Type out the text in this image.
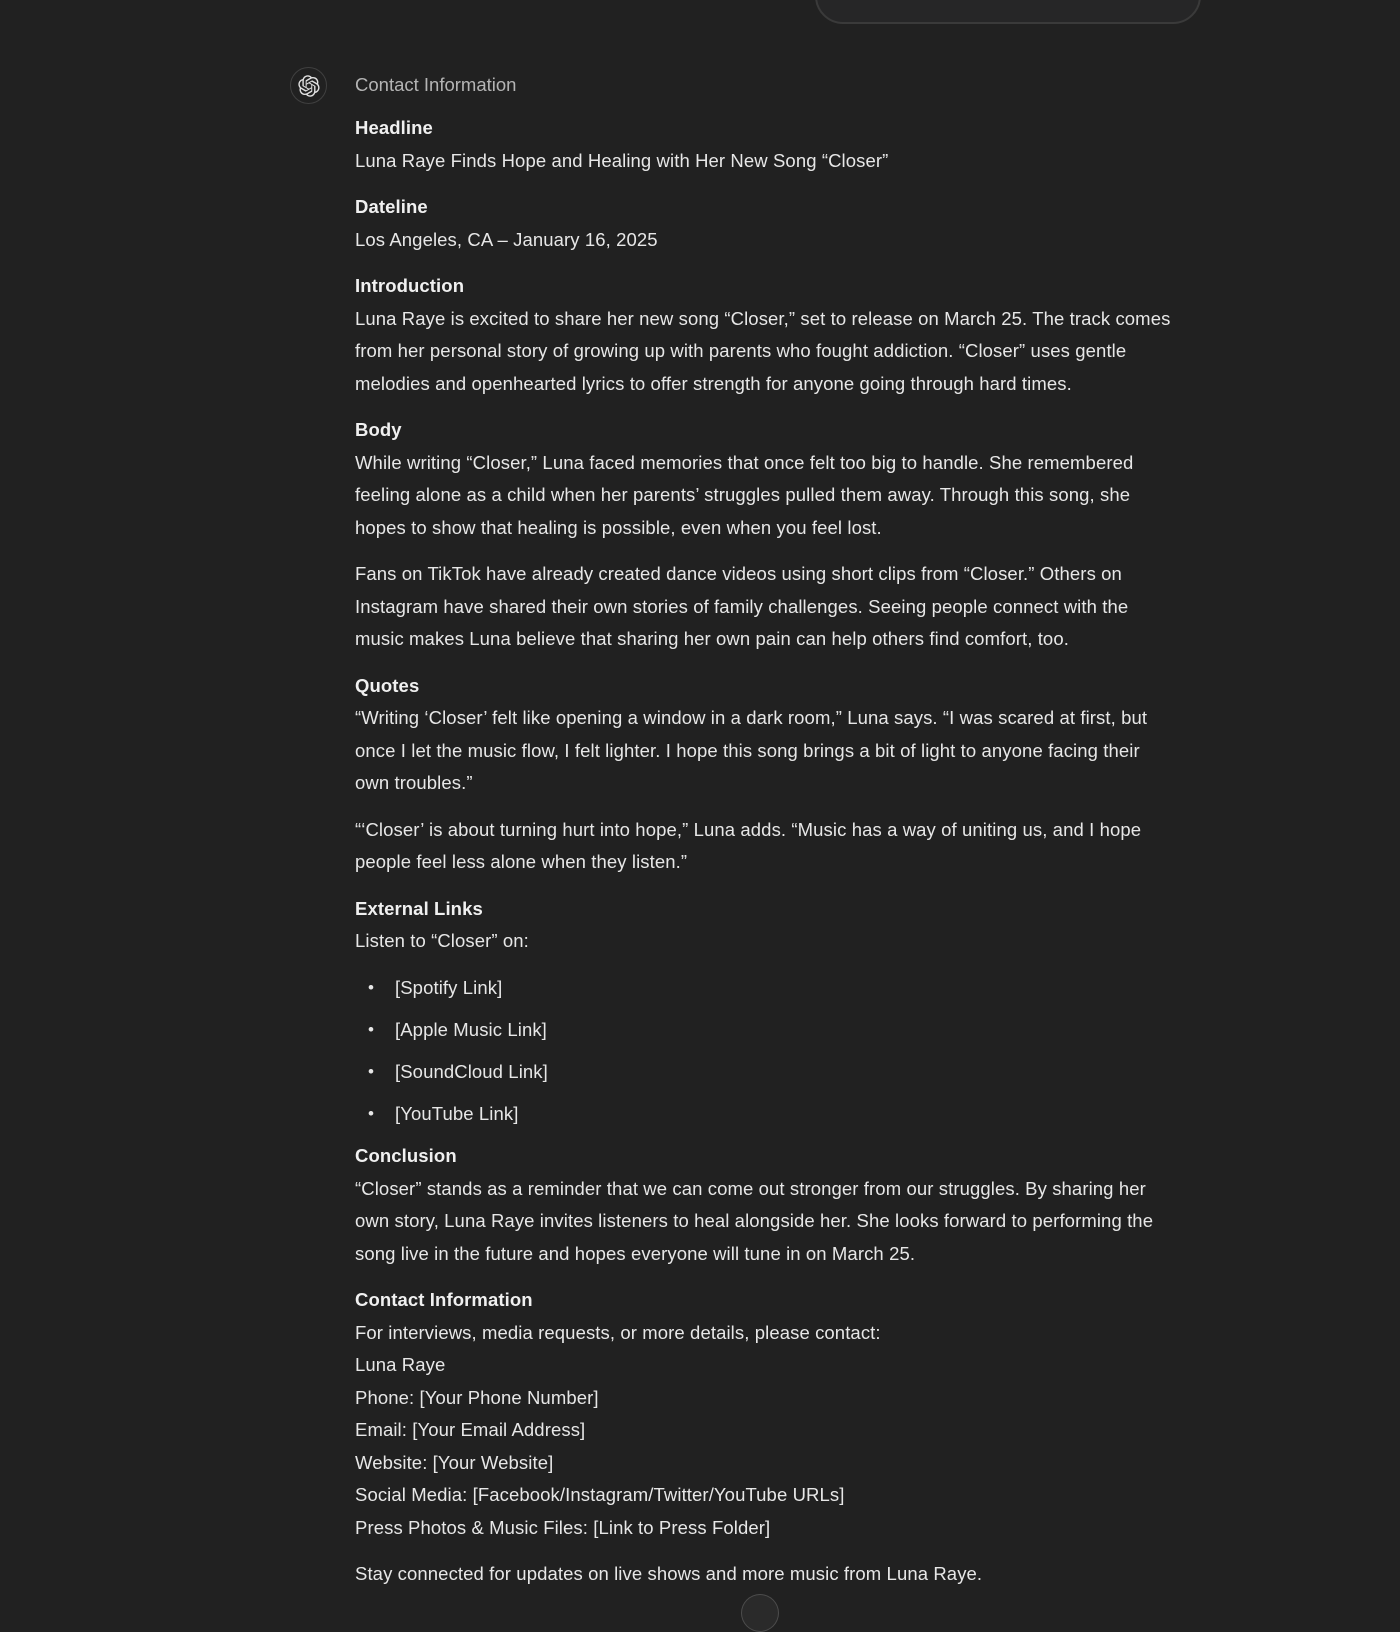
Contact Information

Headline
Luna Raye Finds Hope and Healing with Her New Song “Closer”

Dateline
Los Angeles, CA – January 16, 2025

Introduction
Luna Raye is excited to share her new song “Closer,” set to release on March 25. The track comes from her personal story of growing up with parents who fought addiction. “Closer” uses gentle melodies and openhearted lyrics to offer strength for anyone going through hard times.

Body
While writing “Closer,” Luna faced memories that once felt too big to handle. She remembered feeling alone as a child when her parents’ struggles pulled them away. Through this song, she hopes to show that healing is possible, even when you feel lost.

Fans on TikTok have already created dance videos using short clips from “Closer.” Others on Instagram have shared their own stories of family challenges. Seeing people connect with the music makes Luna believe that sharing her own pain can help others find comfort, too.

Quotes
“Writing ‘Closer’ felt like opening a window in a dark room,” Luna says. “I was scared at first, but once I let the music flow, I felt lighter. I hope this song brings a bit of light to anyone facing their own troubles.”

“‘Closer’ is about turning hurt into hope,” Luna adds. “Music has a way of uniting us, and I hope people feel less alone when they listen.”

External Links
Listen to “Closer” on:

• [Spotify Link]
• [Apple Music Link]
• [SoundCloud Link]
• [YouTube Link]

Conclusion
“Closer” stands as a reminder that we can come out stronger from our struggles. By sharing her own story, Luna Raye invites listeners to heal alongside her. She looks forward to performing the song live in the future and hopes everyone will tune in on March 25.

Contact Information
For interviews, media requests, or more details, please contact:
Luna Raye
Phone: [Your Phone Number]
Email: [Your Email Address]
Website: [Your Website]
Social Media: [Facebook/Instagram/Twitter/YouTube URLs]
Press Photos & Music Files: [Link to Press Folder]

Stay connected for updates on live shows and more music from Luna Raye.
